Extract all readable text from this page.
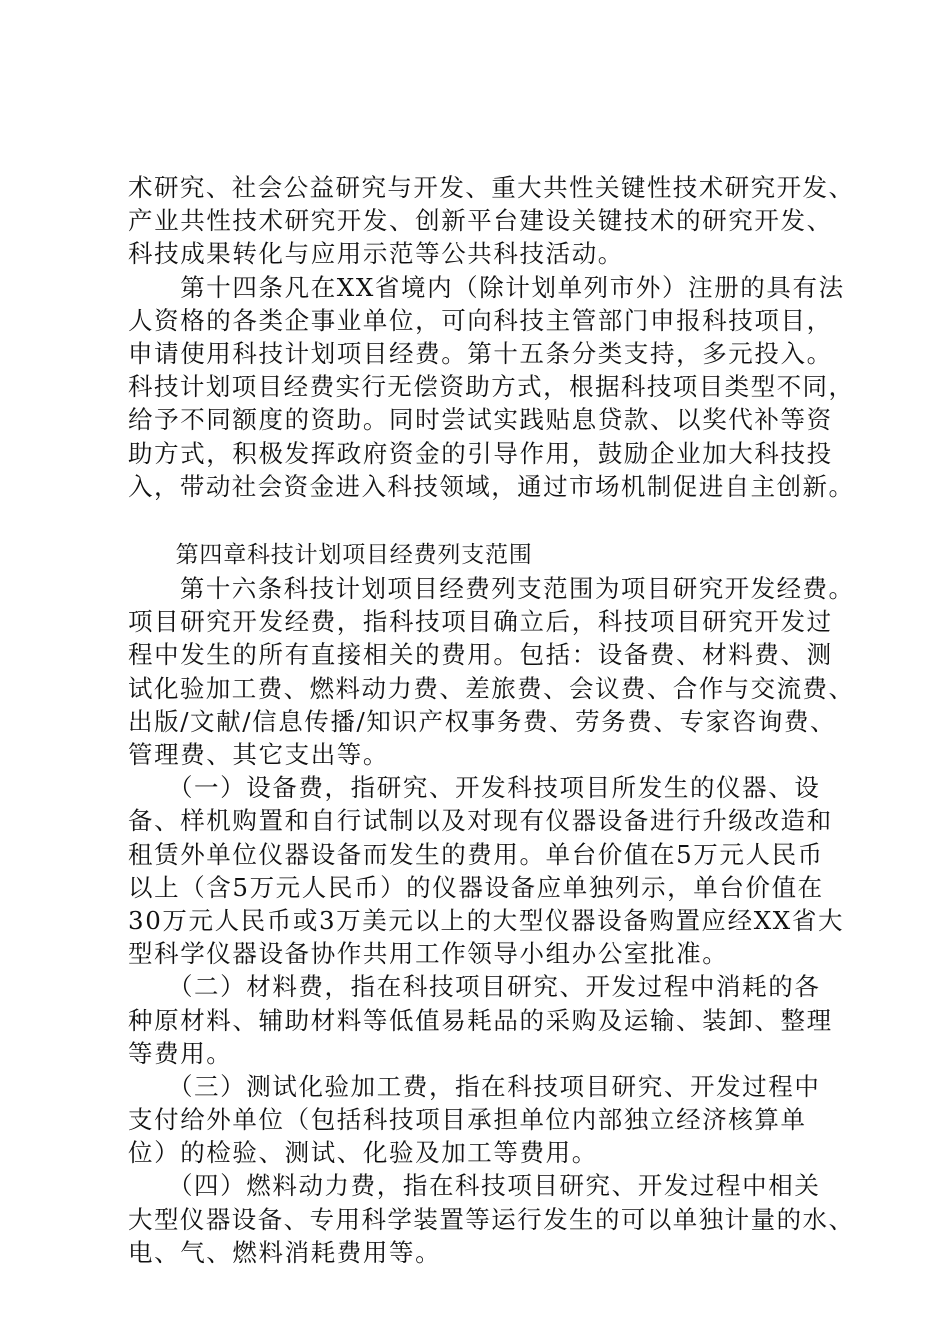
术研究、社会公益研究与开发、重大共性关键性技术研究开发、
产业共性技术研究开发、创新平台建设关键技术的研究开发、
科技成果转化与应用示范等公共科技活动。
　　第十四条凡在XX省境内（除计划单列市外）注册的具有法
人资格的各类企事业单位，可向科技主管部门申报科技项目，
申请使用科技计划项目经费。第十五条分类支持，多元投入。
科技计划项目经费实行无偿资助方式，根据科技项目类型不同，
给予不同额度的资助。同时尝试实践贴息贷款、以奖代补等资
助方式，积极发挥政府资金的引导作用，鼓励企业加大科技投
入，带动社会资金进入科技领域，通过市场机制促进自主创新。
　　第四章科技计划项目经费列支范围
　　第十六条科技计划项目经费列支范围为项目研究开发经费。
项目研究开发经费，指科技项目确立后，科技项目研究开发过
程中发生的所有直接相关的费用。包括：设备费、材料费、测
试化验加工费、燃料动力费、差旅费、会议费、合作与交流费、
出版/文献/信息传播/知识产权事务费、劳务费、专家咨询费、
管理费、其它支出等。
　　（一）设备费，指研究、开发科技项目所发生的仪器、设
备、样机购置和自行试制以及对现有仪器设备进行升级改造和
租赁外单位仪器设备而发生的费用。单台价值在5万元人民币
以上（含5万元人民币）的仪器设备应单独列示，单台价值在
30万元人民币或3万美元以上的大型仪器设备购置应经XX省大
型科学仪器设备协作共用工作领导小组办公室批准。
　　（二）材料费，指在科技项目研究、开发过程中消耗的各
种原材料、辅助材料等低值易耗品的采购及运输、装卸、整理
等费用。
　　（三）测试化验加工费，指在科技项目研究、开发过程中
支付给外单位（包括科技项目承担单位内部独立经济核算单
位）的检验、测试、化验及加工等费用。
　　（四）燃料动力费，指在科技项目研究、开发过程中相关
大型仪器设备、专用科学装置等运行发生的可以单独计量的水、
电、气、燃料消耗费用等。
